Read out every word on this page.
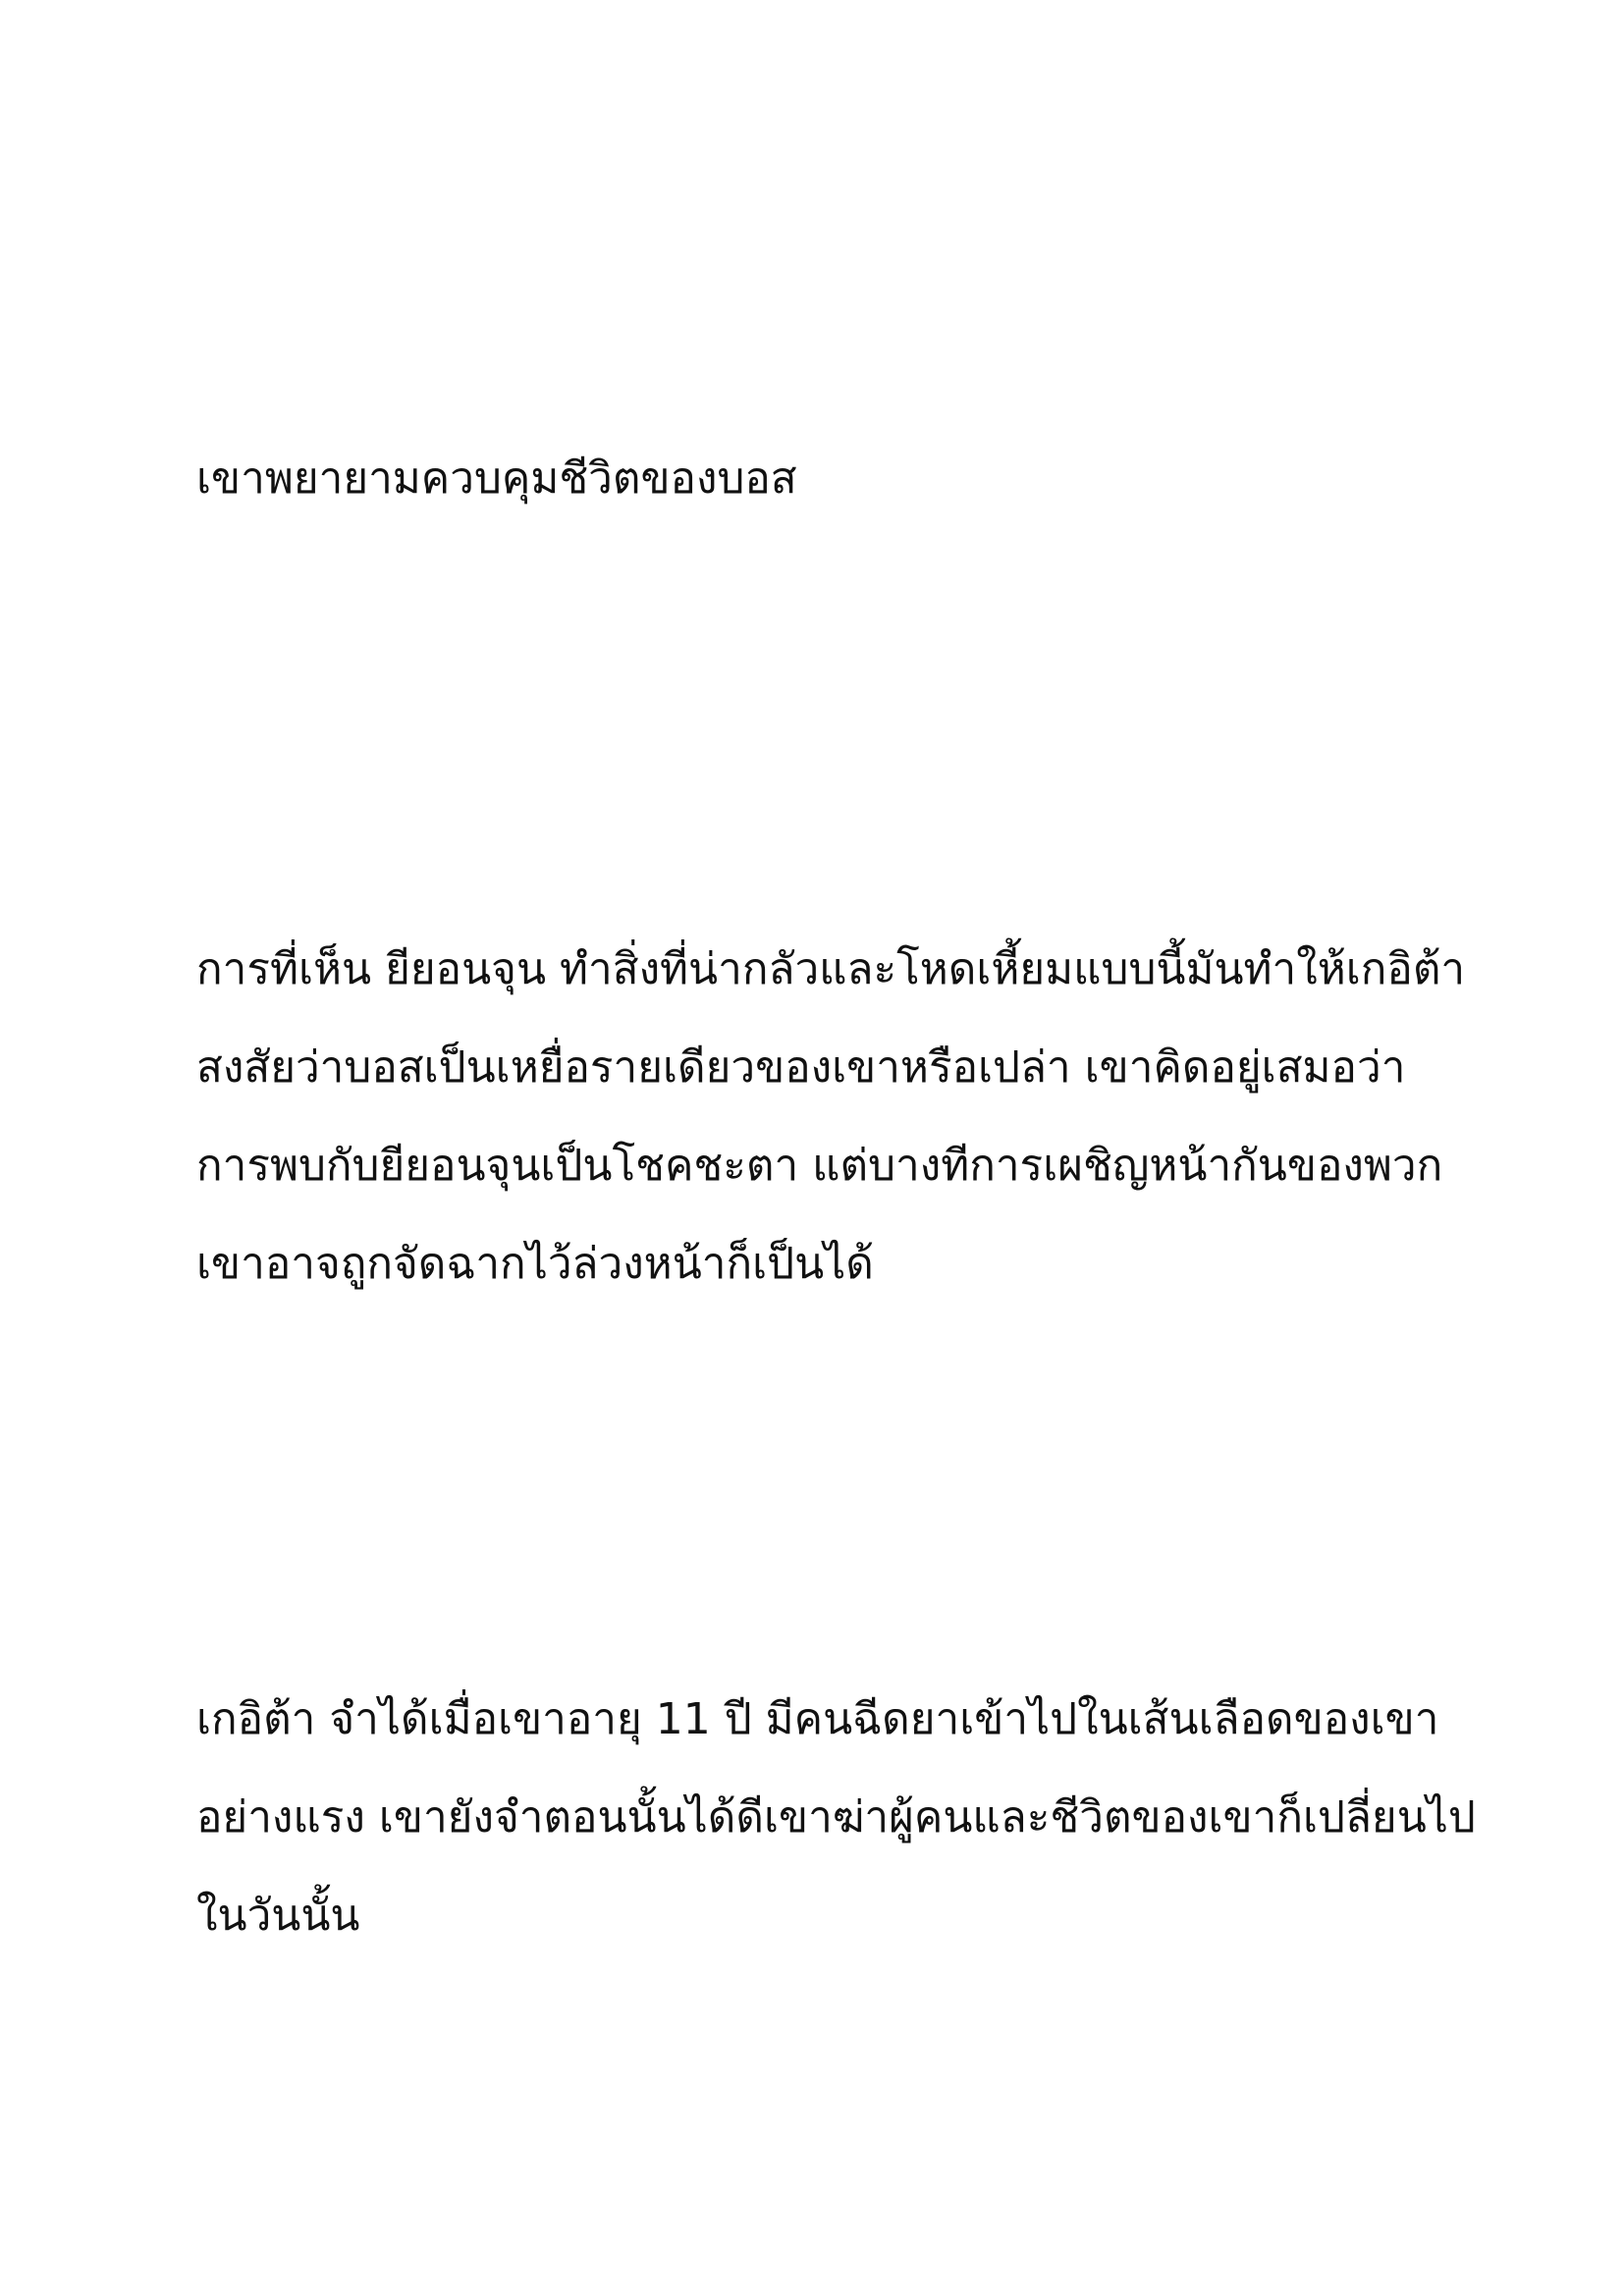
เขาพยายามควบคุมชีวิตของบอส
การที่เห็น ยียอนจุน ทำสิ่งที่น่ากลัวและโหดเหี้ยมแบบนี้มันทำให้เกอิต้า
สงสัยว่าบอสเป็นเหยื่อรายเดียวของเขาหรือเปล่า เขาคิดอยู่เสมอว่า
การพบกับยียอนจุนเป็นโชคชะตา แต่บางทีการเผชิญหน้ากันของพวก
เขาอาจถูกจัดฉากไว้ล่วงหน้าก็เป็นได้
เกอิต้า จำได้เมื่อเขาอายุ 11 ปี มีคนฉีดยาเข้าไปในเส้นเลือดของเขา
อย่างแรง เขายังจำตอนนั้นได้ดีเขาฆ่าผู้คนและชีวิตของเขาก็เปลี่ยนไป
ในวันนั้น
